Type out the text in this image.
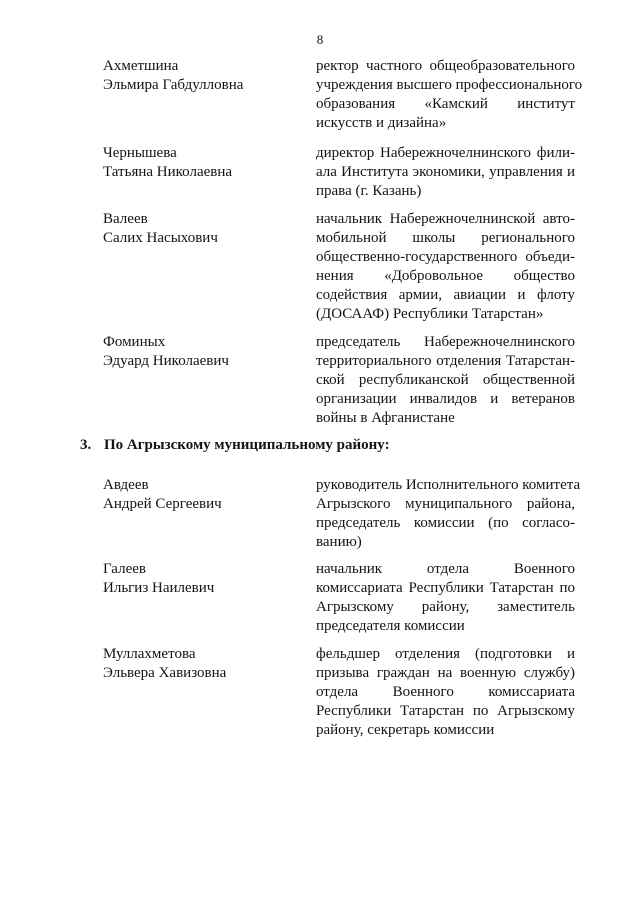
8
Ахметшина
Эльмира Габдулловна
ректор частного общеобразовательного
учреждения высшего профессионального
образования «Камский институт
искусств и дизайна»
Чернышева
Татьяна Николаевна
директор Набережночелнинского фили-
ала Института экономики, управления и
права (г. Казань)
Валеев
Салих Насыхович
начальник Набережночелнинской авто-
мобильной школы регионального
общественно-государственного объеди-
нения «Добровольное общество
содействия армии, авиации и флоту
(ДОСААФ) Республики Татарстан»
Фоминых
Эдуард Николаевич
председатель Набережночелнинского
территориального отделения Татарстан-
ской республиканской общественной
организации инвалидов и ветеранов
войны в Афганистане
3. По Агрызскому муниципальному району:
Авдеев
Андрей Сергеевич
руководитель Исполнительного комитета
Агрызского муниципального района,
председатель комиссии (по согласо-
ванию)
Галеев
Ильгиз Наилевич
начальник отдела Военного
комиссариата Республики Татарстан по
Агрызскому району, заместитель
председателя комиссии
Муллахметова
Эльвера Хавизовна
фельдшер отделения (подготовки и
призыва граждан на военную службу)
отдела Военного комиссариата
Республики Татарстан по Агрызскому
району, секретарь комиссии
